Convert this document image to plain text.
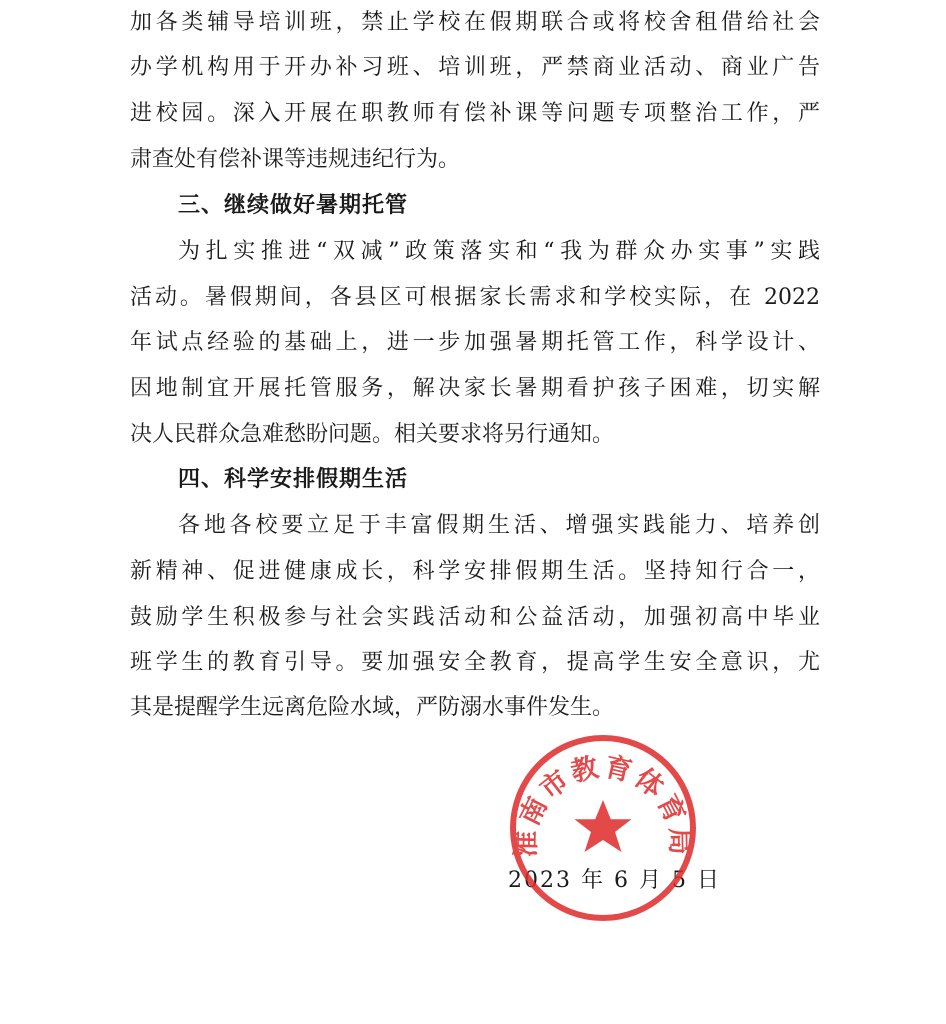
加各类辅导培训班，禁止学校在假期联合或将校舍租借给社会
办学机构用于开办补习班、培训班，严禁商业活动、商业广告
进校园。深入开展在职教师有偿补课等问题专项整治工作，严
肃查处有偿补课等违规违纪行为。
三、继续做好暑期托管
为扎实推进“双减”政策落实和“我为群众办实事”实践
活动。暑假期间，各县区可根据家长需求和学校实际，在 2022
年试点经验的基础上，进一步加强暑期托管工作，科学设计、
因地制宜开展托管服务，解决家长暑期看护孩子困难，切实解
决人民群众急难愁盼问题。相关要求将另行通知。
四、科学安排假期生活
各地各校要立足于丰富假期生活、增强实践能力、培养创
新精神、促进健康成长，科学安排假期生活。坚持知行合一，
鼓励学生积极参与社会实践活动和公益活动，加强初高中毕业
班学生的教育引导。要加强安全教育，提高学生安全意识，尤
其是提醒学生远离危险水域，严防溺水事件发生。
2023 年 6 月 5 日
淮南市教育体育局
